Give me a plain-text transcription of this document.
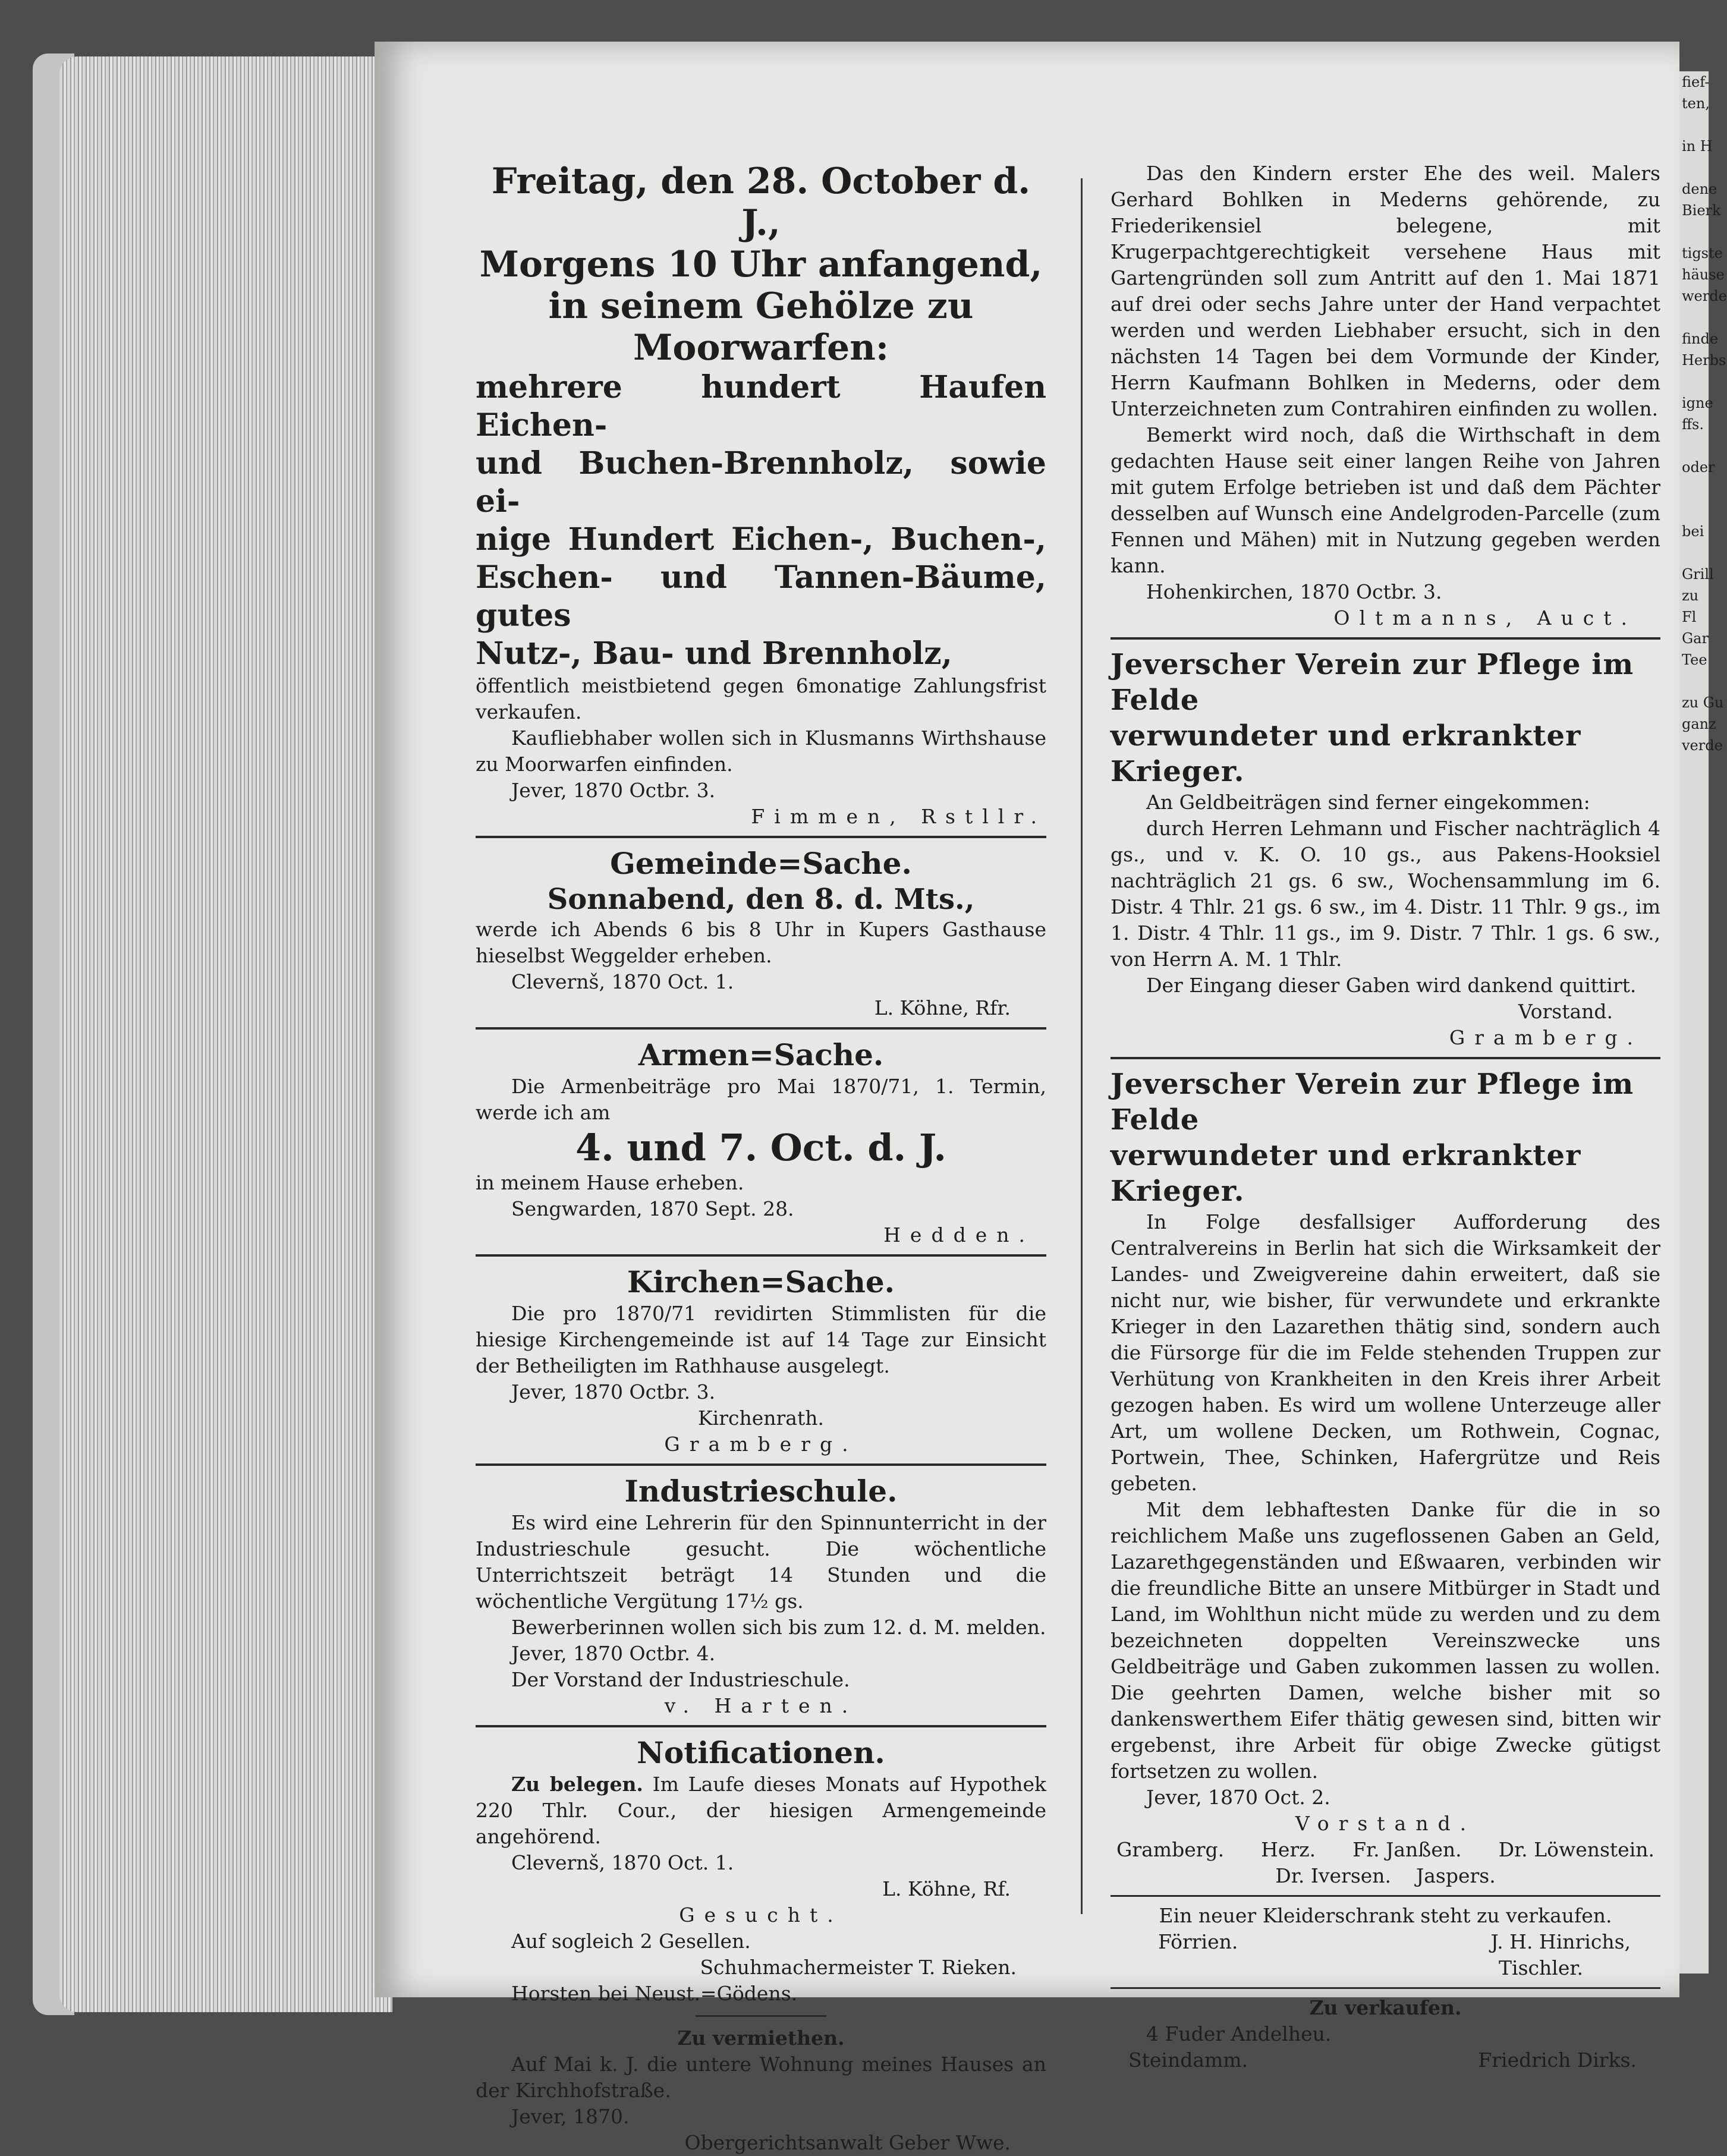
Freitag, den 28. October d. J.,
Morgens 10 Uhr anfangend,
in seinem Gehölze zu Moorwarfen:
mehrere hundert Haufen Eichen-
und Buchen-Brennholz, sowie ei-
nige Hundert Eichen-, Buchen-,
Eschen- und Tannen-Bäume, gutes
Nutz-, Bau- und Brennholz,
öffentlich meistbietend gegen 6monatige Zahlungsfrist verkaufen.
Kaufliebhaber wollen sich in Klusmanns Wirthshause zu Moorwarfen einfinden.
Jever, 1870 Octbr. 3.
Fimmen, Rstllr.
Gemeinde=Sache.
Sonnabend, den 8. d. Mts.,
werde ich Abends 6 bis 8 Uhr in Kupers Gasthause hieselbst Weggelder erheben.
Clevernš, 1870 Oct. 1.
L. Köhne, Rfr.
Armen=Sache.
Die Armenbeiträge pro Mai 1870/71, 1. Termin, werde ich am
4. und 7. Oct. d. J.
in meinem Hause erheben.
Sengwarden, 1870 Sept. 28.
Hedden.
Kirchen=Sache.
Die pro 1870/71 revidirten Stimmlisten für die hiesige Kirchengemeinde ist auf 14 Tage zur Einsicht der Betheiligten im Rathhause ausgelegt.
Jever, 1870 Octbr. 3.
Kirchenrath.
Gramberg.
Industrieschule.
Es wird eine Lehrerin für den Spinnunterricht in der Industrieschule gesucht. Die wöchentliche Unterrichtszeit beträgt 14 Stunden und die wöchentliche Vergütung 17½ gs.
Bewerberinnen wollen sich bis zum 12. d. M. melden.
Jever, 1870 Octbr. 4.
Der Vorstand der Industrieschule.
v. Harten.
Notificationen.
Zu belegen. Im Laufe dieses Monats auf Hypothek 220 Thlr. Cour., der hiesigen Armengemeinde angehörend.
Clevernš, 1870 Oct. 1.
L. Köhne, Rf.
Gesucht.
Auf sogleich 2 Gesellen.
Schuhmachermeister T. Rieken.
Horsten bei Neust.=Gödens.
Zu vermiethen.
Auf Mai k. J. die untere Wohnung meines Hauses an der Kirchhofstraße.
Jever, 1870.
Obergerichtsanwalt Geber Wwe.
Das den Kindern erster Ehe des weil. Malers Gerhard Bohlken in Mederns gehörende, zu Friederikensiel belegene, mit Krugerpachtgerechtigkeit versehene Haus mit Gartengründen soll zum Antritt auf den 1. Mai 1871 auf drei oder sechs Jahre unter der Hand verpachtet werden und werden Liebhaber ersucht, sich in den nächsten 14 Tagen bei dem Vormunde der Kinder, Herrn Kaufmann Bohlken in Mederns, oder dem Unterzeichneten zum Contrahiren einfinden zu wollen.
Bemerkt wird noch, daß die Wirthschaft in dem gedachten Hause seit einer langen Reihe von Jahren mit gutem Erfolge betrieben ist und daß dem Pächter desselben auf Wunsch eine Andelgroden-Parcelle (zum Fennen und Mähen) mit in Nutzung gegeben werden kann.
Hohenkirchen, 1870 Octbr. 3.
Oltmanns, Auct.
Jeverscher Verein zur Pflege im Felde
verwundeter und erkrankter Krieger.
An Geldbeiträgen sind ferner eingekommen:
durch Herren Lehmann und Fischer nachträglich 4 gs., und v. K. O. 10 gs., aus Pakens-Hooksiel nachträglich 21 gs. 6 sw., Wochensammlung im 6. Distr. 4 Thlr. 21 gs. 6 sw., im 4. Distr. 11 Thlr. 9 gs., im 1. Distr. 4 Thlr. 11 gs., im 9. Distr. 7 Thlr. 1 gs. 6 sw., von Herrn A. M. 1 Thlr.
Der Eingang dieser Gaben wird dankend quittirt.
Vorstand.
Gramberg.
Jeverscher Verein zur Pflege im Felde
verwundeter und erkrankter Krieger.
In Folge desfallsiger Aufforderung des Centralvereins in Berlin hat sich die Wirksamkeit der Landes- und Zweigvereine dahin erweitert, daß sie nicht nur, wie bisher, für verwundete und erkrankte Krieger in den Lazarethen thätig sind, sondern auch die Fürsorge für die im Felde stehenden Truppen zur Verhütung von Krankheiten in den Kreis ihrer Arbeit gezogen haben. Es wird um wollene Unterzeuge aller Art, um wollene Decken, um Rothwein, Cognac, Portwein, Thee, Schinken, Hafergrütze und Reis gebeten.
Mit dem lebhaftesten Danke für die in so reichlichem Maße uns zugeflossenen Gaben an Geld, Lazarethgegenständen und Eßwaaren, verbinden wir die freundliche Bitte an unsere Mitbürger in Stadt und Land, im Wohlthun nicht müde zu werden und zu dem bezeichneten doppelten Vereinszwecke uns Geldbeiträge und Gaben zukommen lassen zu wollen. Die geehrten Damen, welche bisher mit so dankenswerthem Eifer thätig gewesen sind, bitten wir ergebenst, ihre Arbeit für obige Zwecke gütigst fortsetzen zu wollen.
Jever, 1870 Oct. 2.
Vorstand.
Gramberg. Herz. Fr. Janßen. Dr. Löwenstein.
Dr. Iversen. Jaspers.
Ein neuer Kleiderschrank steht zu verkaufen.
Förrien.	J. H. Hinrichs,
Tischler.
Zu verkaufen.
4 Fuder Andelheu.
Steindamm.	Friedrich Dirks.
fief-
ten,

in H

dene
Bierk

tigste
häuse
werde

finde
Herbs

igne
ffs.

oder

bei

Grill
zu
Fl
Gar
Tee

zu Gu
ganz
verde
